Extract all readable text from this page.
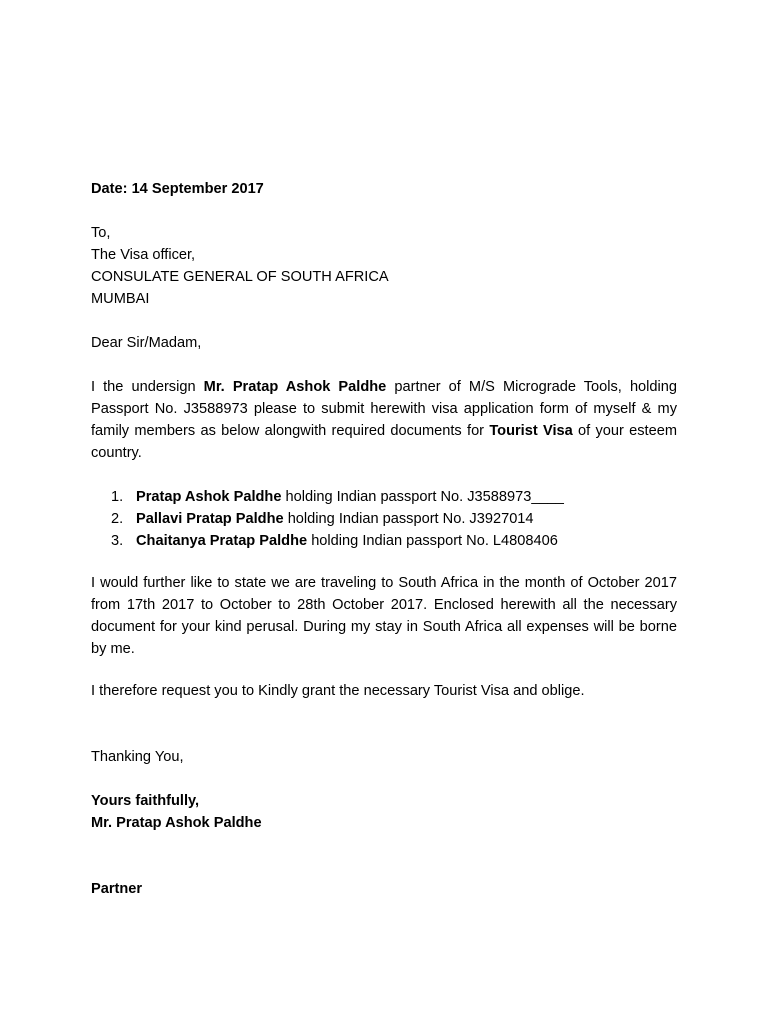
Date: 14 September 2017
To,
The Visa officer,
CONSULATE GENERAL OF SOUTH AFRICA
MUMBAI
Dear Sir/Madam,

I the undersign Mr. Pratap Ashok Paldhe partner of M/S Micrograde Tools, holding Passport No. J3588973 please to submit herewith visa application form of myself & my family members as below alongwith required documents for Tourist Visa of your esteem country.

1. Pratap Ashok Paldhe holding Indian passport No. J3588973____
2. Pallavi Pratap Paldhe holding Indian passport No. J3927014
3. Chaitanya Pratap Paldhe holding Indian passport No. L4808406
I would further like to state we are traveling to South Africa in the month of October 2017 from 17th 2017 to October to 28th October 2017. Enclosed herewith all the necessary document for your kind perusal. During my stay in South Africa all expenses will be borne by me.
I therefore request you to Kindly grant the necessary Tourist Visa and oblige.
Thanking You,
Yours faithfully,
Mr. Pratap Ashok Paldhe
Partner
